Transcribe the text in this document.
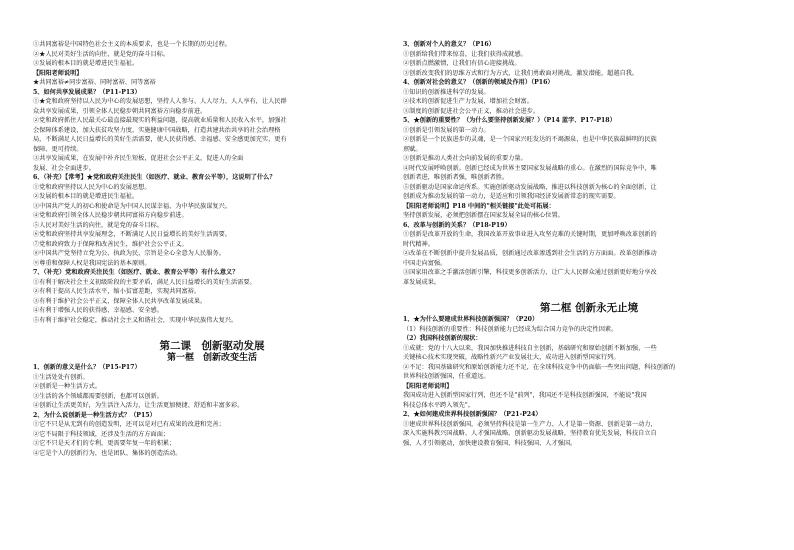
①共同富裕是中国特色社会主义的本质要求，也是一个长期的历史过程。
②★人民对美好生活的向往，就是党的奋斗目标。
③发展的根本目的就是增进民生福祉。
【阳阳老师说明】
★共同富裕≠同步富裕、同时富裕、同等富裕
5、如何共享发展成果？（P11-P13）
①★党和政府坚持以人民为中心的发展思想，坚持人人参与、人人尽力、人人享有，让人民群
众共享发展成果，引领全体人民稳步朝共同富裕方向稳步前进。
②党和政府抓住人民最关心最直接最现实的利益问题，提高就业质量和人民收入水平，加强社
会保障体系建设，加大扶贫攻坚力度，实施健康中国战略，打造共建共治共享的社会治理格
局，不断满足人民日益增长的美好生活需要，使人民获得感、幸福感、安全感更加充实、更有
保障、更可持续。
③共享发展成果，在发展中补齐民生短板，促进社会公平正义，促进人的全面
发展、社会全面进步。
6、（补充）【常考】★党和政府关注民生（如医疗、就业、教育公平等），这说明了什么？
①党和政府坚持以人民为中心的发展思想。
②发展的根本目的就是增进民生福祉。
③中国共产党人的初心和使命是为中国人民谋幸福，为中华民族谋复兴。
④党和政府引领全体人民稳步朝共同富裕方向稳步前进。
⑤人民对美好生活的向往，就是党的奋斗目标。
⑥党和政府坚持共享发展理念，不断满足人民日益增长的美好生活需要。
⑦党和政府致力于保障和改善民生，维护社会公平正义。
⑧中国共产党坚持立党为公、执政为民，宗旨是全心全意为人民服务。
⑨尊重和保障人权是我国宪法的基本原则。
7、（补充）党和政府关注民生（如医疗、就业、教育公平等）有什么意义？
①有利于解决社会主义初级阶段的主要矛盾，满足人民日益增长的美好生活需要。
②有利于提高人民生活水平，缩小贫富差距，实现共同富裕。
③有利于维护社会公平正义，保障全体人民共享改革发展成果。
④有利于增强人民的获得感、幸福感、安全感。
⑤有利于维护社会稳定，推动社会主义和谐社会，实现中华民族伟大复兴。
第二课　创新驱动发展
第一框　创新改变生活
1、创新的意义是什么？（P15-P17）
①生活处处有创新。
②创新是一种生活方式。
③生活的各个领域都需要创新，也都可以创新。
④创新让生活更美好，为生活注入活力，让生活更加便捷、舒适和丰富多彩。
2、为什么说创新是一种生活方式？（P15）
①它不只是从无到有的创造发明，还可以是对已有成果的改进和完善；
②它不局限于科技领域，还涉及生活的方方面面；
③它不只是天才们的专利，更需要年复一年的积累；
④它是个人的创新行为，也是团队、集体的创造活动。
3、创新对个人的意义？（P16）
①创新给我们带来惊喜，让我们获得成就感。
②创新点燃激情，让我们有信心迎接挑战。
③创新改变我们的思维方式和行为方式，让我们勇敢面对挑战，激发潜能，超越自我。
4、创新对社会的意义？（创新的领域及作用）（P16）
①知识的创新推进科学的发展。
②技术的创新促进生产力发展，增加社会财富。
③制度的创新促进社会公平正义，推动社会进步。
5、★创新的重要性？（为什么要坚持创新发展？）（P14 蓝字、P17-P18）
①创新是引领发展的第一动力。
②创新是一个民族进步的灵魂，是一个国家兴旺发达的不竭源泉，也是中华民族最鲜明的民族
禀赋。
③创新是推动人类社会向前发展的重要力量。
④时代发展呼唤创新。创新已经成为世界主要国家发展战略的重心。在激烈的国际竞争中，唯
创新者进，唯创新者强，唯创新者胜。
⑤创新驱动是国家命运所系。实施创新驱动发展战略，推进以科技创新为核心的全面创新，让
创新成为推动发展的第一动力，是适应和引领我国经济发展新常态的现实需要。
【阳阳老师说明】P18 中间的"相关链接"此处可拓展：
坚持创新发展，必须把创新摆在国家发展全局的核心位置。
6、改革与创新的关系？（P18-P19）
①创新是改革开放的生命，我国改革开放事业进入攻坚克难的关键时期，更加呼唤改革创新的
时代精神。
②改革在不断创新中提升发展品质，创新通过改革渗透到社会生活的方方面面。改革创新推动
中国走向富强。
③国家用改革之手激活创新引擎，科技更多创新活力，让广大人民群众通过创新更好地分享改
革发展成果。
第二框 创新永无止境
1、★为什么要建成世界科技创新强国？（P20）
（1）科技创新的重要性：科技创新能力已经成为综合国力竞争的决定性因素。
（2）我国科技创新的现状：
①成就：党的十八大以来，我国加快推进科技自主创新，基础研究和原始创新不断加强，一些
关键核心技术实现突破，战略性新兴产业发展壮大，成功进入创新型国家行列。
②不足：我国基础研究和原始创新能力还不足，在全球科技竞争中仍面临一些突出问题，科技创新的
世界科技创新强国，任重道远。
【阳阳老师说明】
我国成功进入创新型国家行列，但还不是"前列"，我国还不是科技创新强国，不能说"我国
科技总体水平跨入领先"。
2、★如何建成世界科技创新强国？（P21-P24）
①建成世界科技创新强国，必须坚持科技是第一生产力、人才是第一资源、创新是第一动力，
深入实施科教兴国战略、人才强国战略、创新驱动发展战略，坚持教育优先发展，科技自立自
强，人才引领驱动，加快建设教育强国、科技强国、人才强国。
